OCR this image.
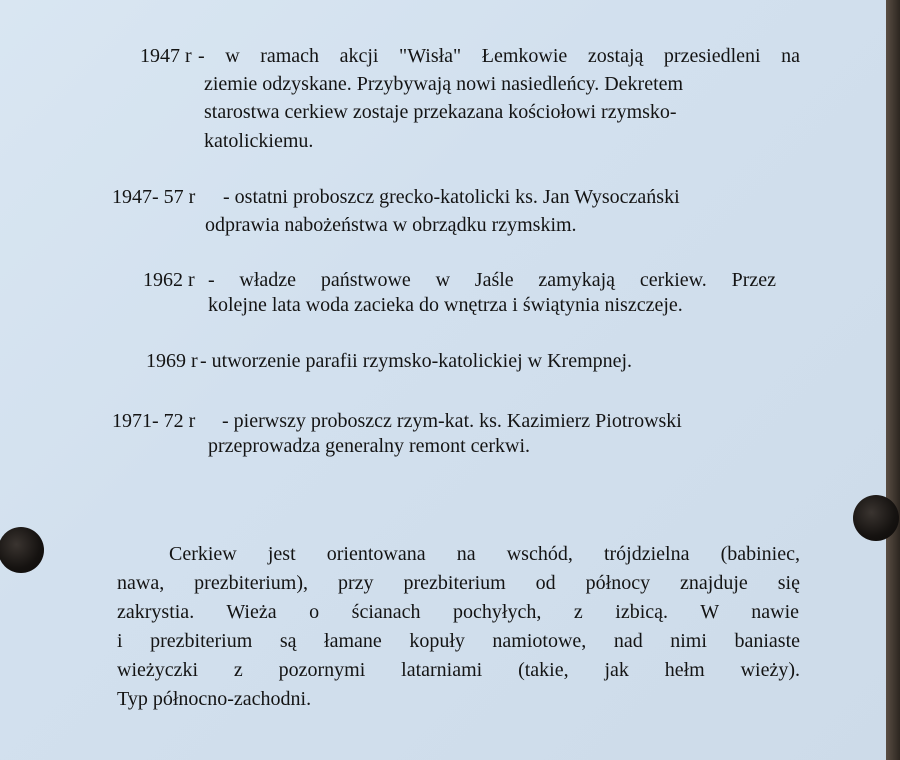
1947 r - w ramach akcji "Wisła" Łemkowie zostają przesiedleni na
ziemie odzyskane. Przybywają nowi nasiedleńcy. Dekretem
starostwa cerkiew zostaje przekazana kościołowi rzymsko-
katolickiemu.
1947- 57 r - ostatni proboszcz grecko-katolicki ks. Jan Wysoczański
odprawia nabożeństwa w obrządku rzymskim.
1962 r - władze państwowe w Jaśle zamykają cerkiew. Przez
kolejne lata woda zacieka do wnętrza i świątynia niszczeje.
1969 r - utworzenie parafii rzymsko-katolickiej w Krempnej.
1971- 72 r - pierwszy proboszcz rzym-kat. ks. Kazimierz Piotrowski
przeprowadza generalny remont cerkwi.
Cerkiew jest orientowana na wschód, trójdzielna (babiniec,
nawa, prezbiterium), przy prezbiterium od północy znajduje się
zakrystia. Wieża o ścianach pochyłych, z izbicą. W nawie
i prezbiterium są łamane kopuły namiotowe, nad nimi baniaste
wieżyczki z pozornymi latarniami (takie, jak hełm wieży).
Typ północno-zachodni.
